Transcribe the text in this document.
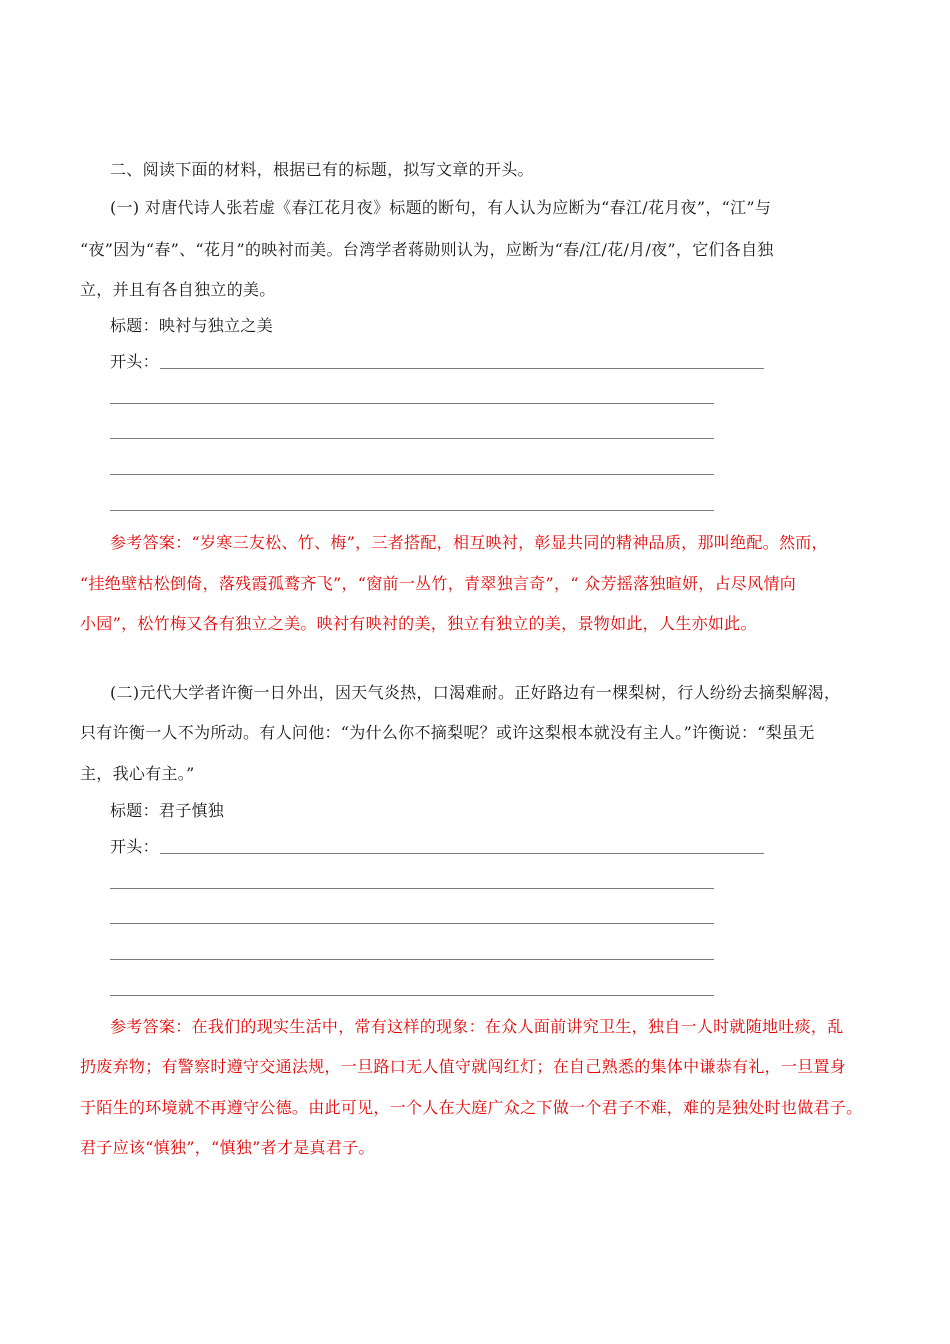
二、阅读下面的材料，根据已有的标题，拟写文章的开头。
(一) 对唐代诗人张若虚《春江花月夜》标题的断句，有人认为应断为“春江/花月夜”，“江”与
“夜”因为“春”、“花月”的映衬而美。台湾学者蒋勋则认为，应断为“春/江/花/月/夜”，它们各自独
立，并且有各自独立的美。
标题：映衬与独立之美
开头：
参考答案：“岁寒三友松、竹、梅”，三者搭配，相互映衬，彰显共同的精神品质，那叫绝配。然而，
“挂绝壁枯松倒倚，落残霞孤鹜齐飞”，“窗前一丛竹，青翠独言奇”，“ 众芳摇落独暄妍，占尽风情向
小园”，松竹梅又各有独立之美。映衬有映衬的美，独立有独立的美，景物如此，人生亦如此。
(二)元代大学者许衡一日外出，因天气炎热，口渴难耐。正好路边有一棵梨树，行人纷纷去摘梨解渴，
只有许衡一人不为所动。有人问他：“为什么你不摘梨呢？或许这梨根本就没有主人。”许衡说：“梨虽无
主，我心有主。”
标题：君子慎独
开头：
参考答案：在我们的现实生活中，常有这样的现象：在众人面前讲究卫生，独自一人时就随地吐痰，乱
扔废弃物；有警察时遵守交通法规，一旦路口无人值守就闯红灯；在自己熟悉的集体中谦恭有礼，一旦置身
于陌生的环境就不再遵守公德。由此可见，一个人在大庭广众之下做一个君子不难，难的是独处时也做君子。
君子应该“慎独”，“慎独”者才是真君子。
